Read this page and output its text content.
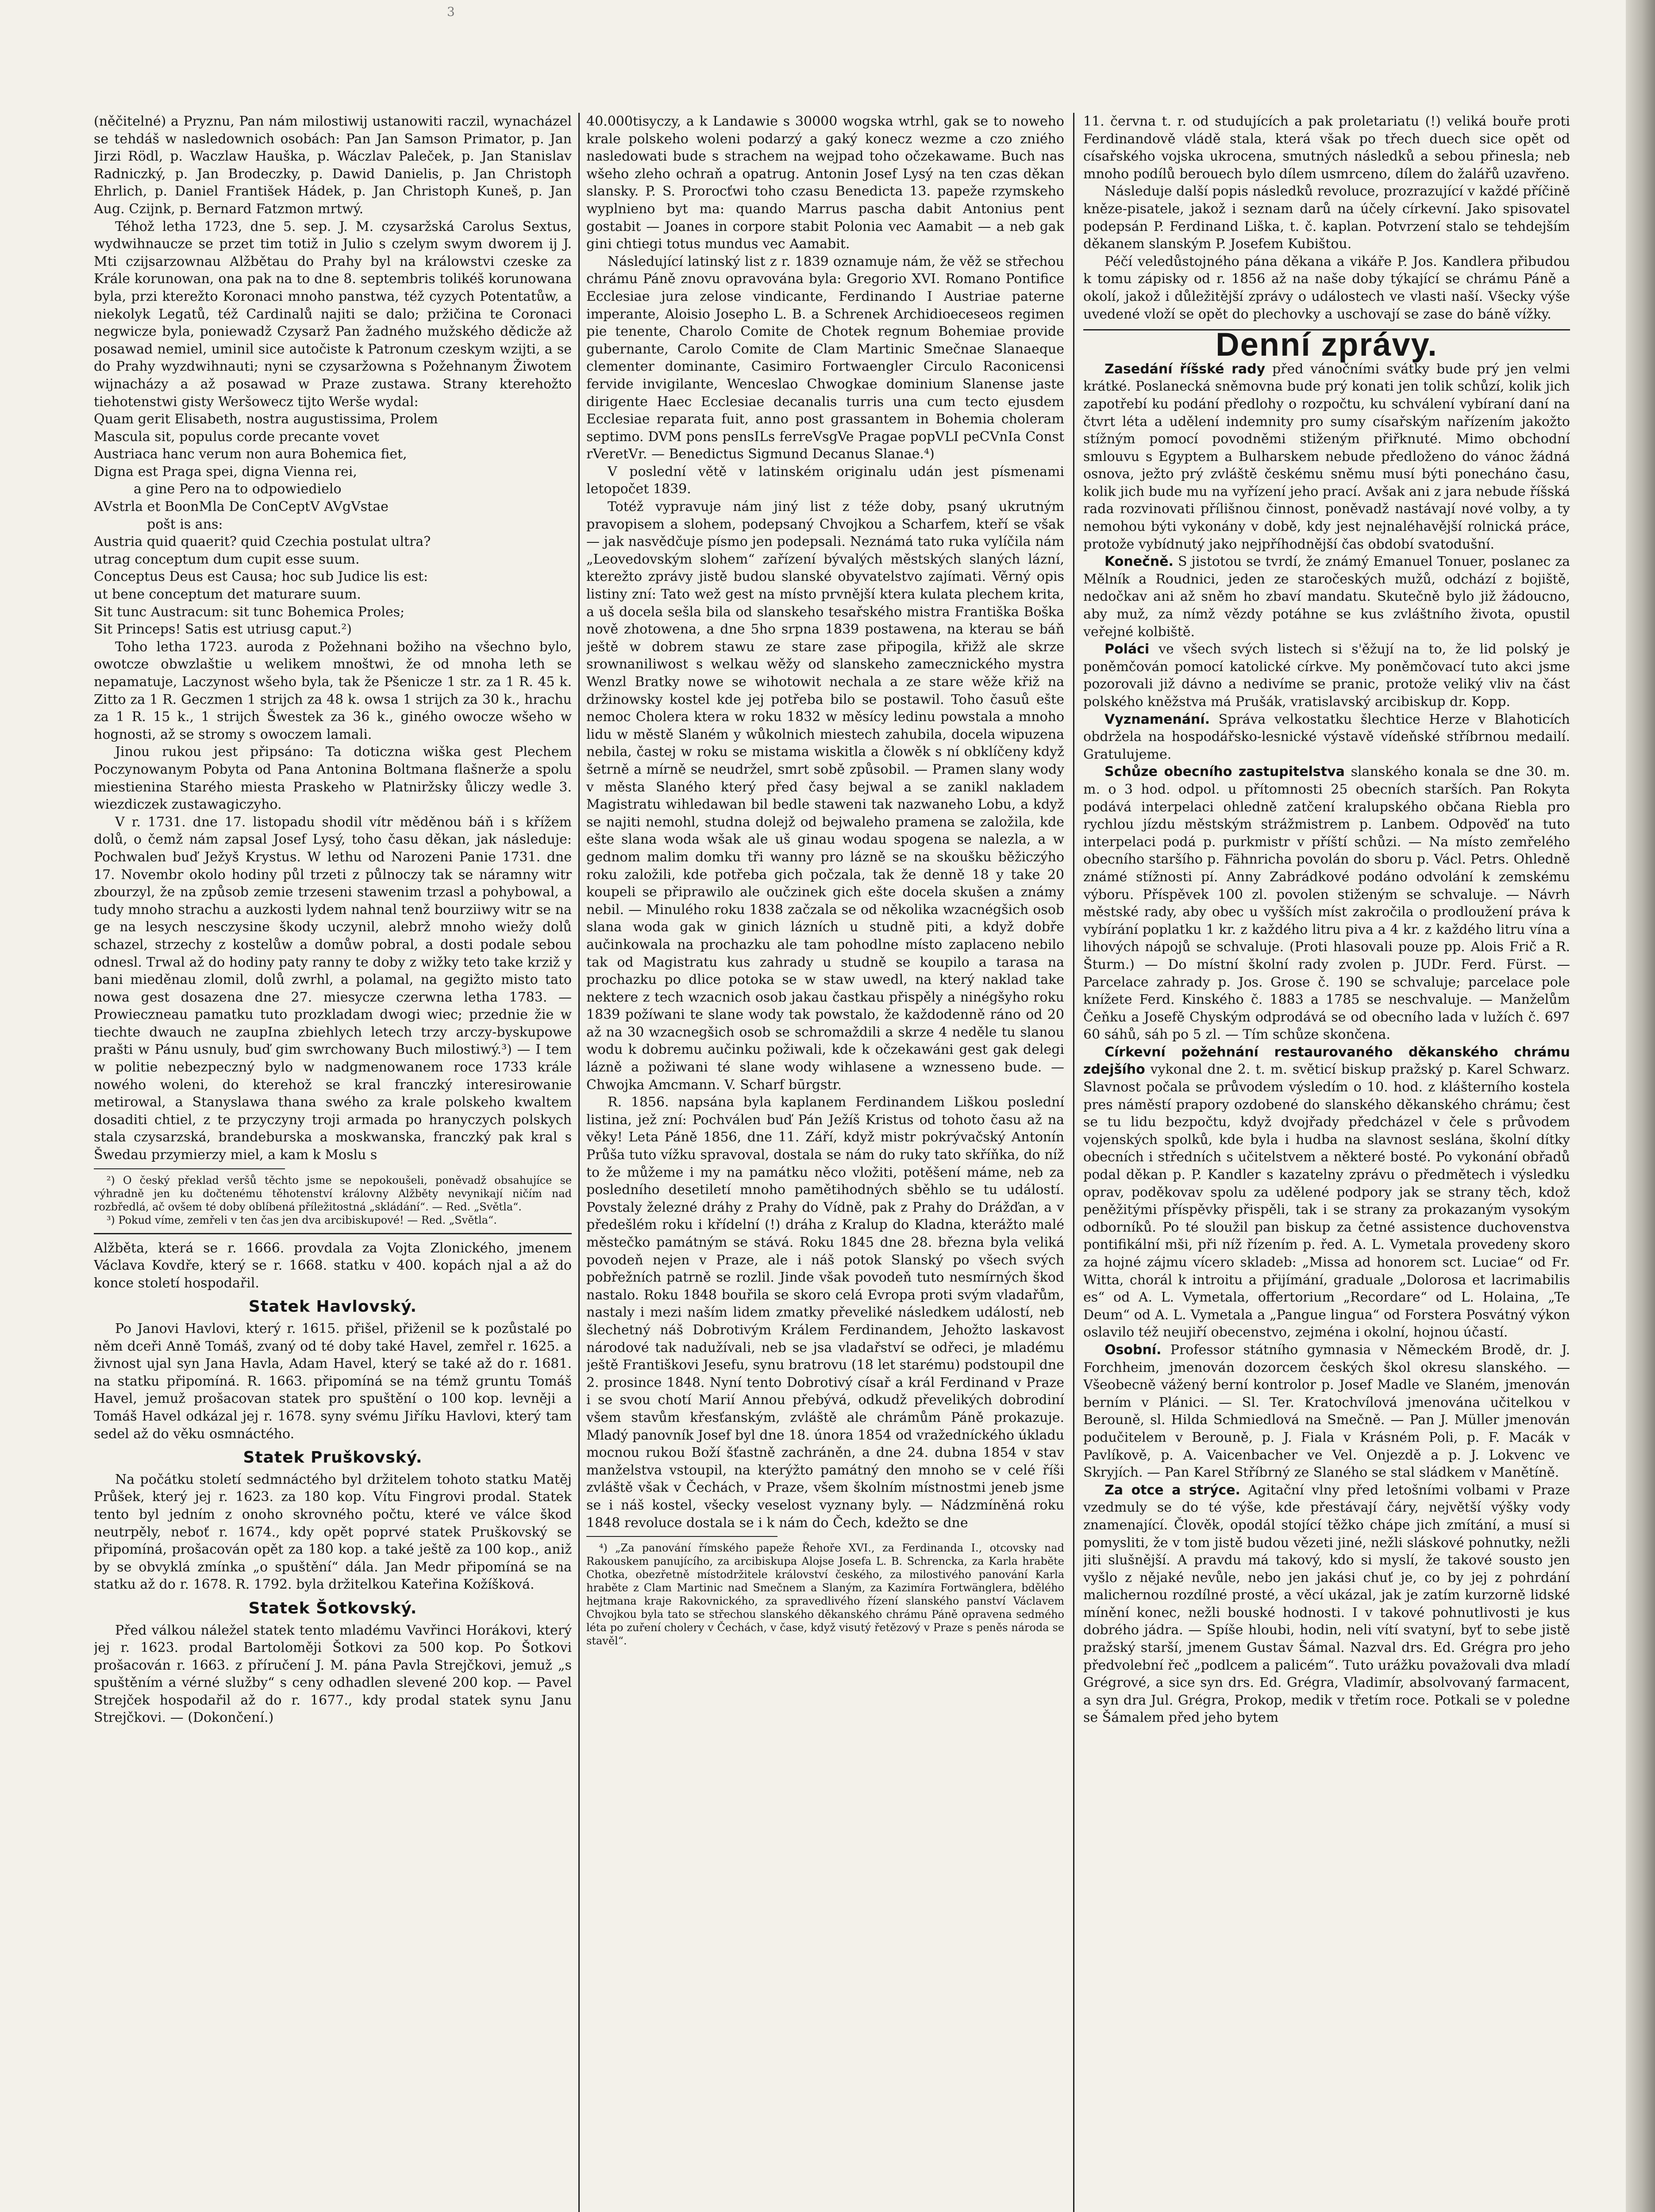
3

(něčitelné) a Pryznu, Pan nám milostiwij ustanowiti raczil, wynacházel se tehdáš w nasledownich osobách: Pan Jan Samson Primator, p. Jan Jirzi Rödl, p. Waczlaw Hauška, p. Wáczlav Paleček, p. Jan Stanislav Radniczký, p. Jan Brodeczky, p. Dawid Danielis, p. Jan Christoph Ehrlich, p. Daniel František Hádek, p. Jan Christoph Kuneš, p. Jan Aug. Czijnk, p. Bernard Fatzmon mrtwý.

Téhož letha 1723, dne 5. sep. J. M. czysaržská Carolus Sextus, wydwihnaucze se przet tim totiž in Julio s czelym swym dworem ij J. Mti czijsarzownau Alžbětau do Prahy byl na králowstvi czeske za Krále korunowan, ona pak na to dne 8. septembris tolikéš korunowana byla, przi kterežto Koronaci mnoho panstwa, též cyzych Potentatůw, a niekolyk Legatů, též Cardinalů najiti se dalo; pržičina te Coronaci negwicze byla, poniewadž Czysarž Pan žadného mužského dědicže až posawad nemiel, uminil sice autočiste k Patronum czeskym wzijti, a se do Prahy wyzdwihnauti; nyni se czysaržowna s Požehnanym Žiwotem wijnacházy a až posawad w Praze zustawa. Strany kterehožto tiehotenstwi gisty Weršowecz tijto Werše wydal:

Quam gerit Elisabeth, nostra augustissima, Prolem
Mascula sit, populus corde precante vovet
Austriaca hanc verum non aura Bohemica fiet,
Digna est Praga spei, digna Vienna rei,
a gine Pero na to odpowiedielo
AVstrla et BoonMla De ConCeptV AVgVstae
pošt is ans:
Austria quid quaerit? quid Czechia postulat ultra?
utrag conceptum dum cupit esse suum.
Conceptus Deus est Causa; hoc sub Judice lis est:
ut bene conceptum det maturare suum.
Sit tunc Austracum: sit tunc Bohemica Proles;
Sit Princeps! Satis est utriusg caput.²)

Toho letha 1723. auroda z Požehnani božiho na všechno bylo, owotcze obwzlaštie u welikem mnoštwi, že od mnoha leth se nepamatuje, Laczynost wšeho byla, tak že Pšenicze 1 str. za 1 R. 45 k. Zitto za 1 R. Geczmen 1 strijch za 48 k. owsa 1 strijch za 30 k., hrachu za 1 R. 15 k., 1 strijch Šwestek za 36 k., giného owocze wšeho w hognosti, až se stromy s owoczem lamali.

Jinou rukou jest připsáno: Ta doticzna wiška gest Plechem Poczynowanym Pobyta od Pana Antonina Boltmana flašnerže a spolu miestienina Starého miesta Praskeho w Platniržsky ůliczy wedle 3. wiezdiczek zustawagiczyho.

V r. 1731. dne 17. listopadu shodil vítr měděnou báň i s křížem dolů, o čemž nám zapsal Josef Lysý, toho času děkan, jak následuje: Pochwalen buď Ježyš Krystus. W lethu od Narozeni Panie 1731. dne 17. Novembr okolo hodiny půl trzeti z půlnoczy tak se náramny witr zbourzyl, že na způsob zemie trzeseni stawenim trzasl a pohybowal, a tudy mnoho strachu a auzkosti lydem nahnal tenž bourziiwy witr se na ge na lesych nesczysine škody uczynil, alebrž mnoho wiežy dolů schazel, strzechy z kostelůw a domůw pobral, a dosti podale sebou odnesl. Trwal až do hodiny paty ranny te doby z wižky teto take krziž y bani mieděnau zlomil, dolů zwrhl, a polamal, na gegižto misto tato nowa gest dosazena dne 27. miesycze czerwna letha 1783. — Prowieczneau pamatku tuto prozkladam dwogi wiec; przednie žie w tiechte dwauch ne zaupIna zbiehlych letech trzy arczy-byskupowe prašti w Pánu usnuly, buď gim swrchowany Buch milostiwý.³) — I tem w politie nebezpeczný bylo w nadgmenowanem roce 1733 krále nowého woleni, do kterehož se kral franczký interesirowanie metirowal, a Stanyslawa thana swého za krale polskeho kwaltem dosaditi chtiel, z te przyczyny troji armada po hranyczych polskych stala czysarzská, brandeburska a moskwanska, franczký pak kral s Šwedau przymierzy miel, a kam k Moslu s

²) O český překlad veršů těchto jsme se nepokoušeli, poněvadž obsahujíce se výhradně jen ku dočtenému těhotenství královny Alžběty nevynikají ničím nad rozbředlá, ač ovšem té doby oblíbená příležitostná „skládání“. — Red. „Světla“.

³) Pokud víme, zemřeli v ten čas jen dva arcibiskupové! — Red. „Světla“.

Alžběta, která se r. 1666. provdala za Vojta Zlonického, jmenem Václava Kovdře, který se r. 1668. statku v 400. kopách njal a až do konce století hospodařil.

Statek Havlovský.

Po Janovi Havlovi, který r. 1615. přišel, přiženil se k pozůstalé po něm dceři Anně Tomáš, zvaný od té doby také Havel, zemřel r. 1625. a živnost ujal syn Jana Havla, Adam Havel, který se také až do r. 1681. na statku připomíná. R. 1663. připomíná se na témž gruntu Tomáš Havel, jemuž prošacovan statek pro spuštění o 100 kop. levněji a Tomáš Havel odkázal jej r. 1678. syny svému Jiříku Havlovi, který tam sedel až do věku osmnáctého.

Statek Pruškovský.

Na počátku století sedmnáctého byl držitelem tohoto statku Matěj Průšek, který jej r. 1623. za 180 kop. Vítu Fingrovi prodal. Statek tento byl jedním z onoho skrovného počtu, které ve válce škod neutrpěly, neboť r. 1674., kdy opět poprvé statek Pruškovský se připomíná, prošacován opět za 180 kop. a také ještě za 100 kop., aniž by se obvyklá zmínka „o spuštění“ dála. Jan Medr připomíná se na statku až do r. 1678. R. 1792. byla držitelkou Kateřina Kožíšková.

Statek Šotkovský.

Před válkou náležel statek tento mladému Vavřinci Horákovi, který jej r. 1623. prodal Bartoloměji Šotkovi za 500 kop. Po Šotkovi prošacován r. 1663. z příručení J. M. pána Pavla Strejčkovi, jemuž „s spuštěním a vérné služby“ s ceny odhadlen slevené 200 kop. — Pavel Strejček hospodařil až do r. 1677., kdy prodal statek synu Janu Strejčkovi. — (Dokončení.)

40.000tisyczy, a k Landawie s 30000 wogska wtrhl, gak se to noweho krale polskeho woleni podarzý a gaký konecz wezme a czo zniého nasledowati bude s strachem na wejpad toho očzekawame. Buch nas wšeho zleho ochraň a opatrug. Antonin Josef Lysý na ten czas děkan slansky. P. S. Prorocťwi toho czasu Benedicta 13. papeže rzymskeho wyplnieno byt ma: quando Marrus pascha dabit Antonius pent gostabit — Joanes in corpore stabit Polonia vec Aamabit — a neb gak gini chtiegi totus mundus vec Aamabit.

Následující latinský list z r. 1839 oznamuje nám, že věž se střechou chrámu Páně znovu opravována byla: Gregorio XVI. Romano Pontifice Ecclesiae jura zelose vindicante, Ferdinando I Austriae paterne imperante, Aloisio Josepho L. B. a Schrenek Archidioeceseos regimen pie tenente, Charolo Comite de Chotek regnum Bohemiae provide gubernante, Carolo Comite de Clam Martinic Smečnae Slanaeque clementer dominante, Casimiro Fortwaengler Circulo Raconicensi fervide invigilante, Wenceslao Chwogkae dominium Slanense jaste dirigente Haec Ecclesiae decanalis turris una cum tecto ejusdem Ecclesiae reparata fuit, anno post grassantem in Bohemia choleram septimo. DVM pons pensILs ferreVsgVe Pragae popVLI peCVnIa Const rVeretVr. — Benedictus Sigmund Decanus Slanae.⁴)

V poslední větě v latinském originalu udán jest písmenami letopočet 1839.

Totéž vypravuje nám jiný list z téže doby, psaný ukrutným pravopisem a slohem, podepsaný Chvojkou a Scharfem, kteří se však — jak nasvědčuje písmo jen podepsali. Neznámá tato ruka vylíčila nám „Leovedovským slohem“ zařízení bývalých městských slaných lázní, kterežto zprávy jistě budou slanské obyvatelstvo zajímati. Věrný opis listiny zní: Tato wež gest na místo prvnější ktera kulata plechem krita, a uš docela sešla bila od slanskeho tesařského mistra Františka Boška nově zhotowena, a dne 5ho srpna 1839 postawena, na kterau se báň ještě w dobrem stawu ze stare zase připogila, křižž ale skrze srownaniliwost s welkau wěžy od slanskeho zamecznického mystra Wenzl Bratky nowe se wihotowit nechala a ze stare wěže křiž na držinowsky kostel kde jej potřeba bilo se postawil. Toho časuů ešte nemoc Cholera ktera w roku 1832 w měsícy ledinu powstala a mnoho lidu w městě Slaném y wůkolnich miestech zahubila, docela wipuzena nebila, častej w roku se mistama wiskitla a člowěk s ní obklíčeny když šetrně a mírně se neudržel, smrt sobě způsobil. — Pramen slany wody v města Slaného který před časy bejwal a se zanikl nakladem Magistratu wihledawan bil bedle staweni tak nazwaneho Lobu, a když se najiti nemohl, studna dolejž od bejwaleho pramena se založila, kde ešte slana woda wšak ale uš ginau wodau spogena se nalezla, a w gednom malim domku tři wanny pro lázně se na skoušku běžiczýho roku založili, kde potřeba gich počzala, tak že denně 18 y take 20 koupeli se připrawilo ale oučzinek gich ešte docela skušen a známy nebil. — Minulého roku 1838 začzala se od několika wzacnégšich osob slana woda gak w ginich lázních u studně piti, a když dobře aučinkowala na prochazku ale tam pohodlne místo zaplaceno nebilo tak od Magistratu kus zahrady u studně se koupilo a tarasa na prochazku po dlice potoka se w staw uwedl, na který naklad take nektere z tech wzacnich osob jakau častkau přispěly a ninégšyho roku 1839 požíwani te slane wody tak powstalo, že každodenně ráno od 20 až na 30 wzacnegšich osob se schromaždili a skrze 4 neděle tu slanou wodu k dobremu aučinku požiwali, kde k očzekawáni gest gak delegi lázně a požiwani té slane wody wihlasene a wznesseno bude. — Chwojka Amcmann. V. Scharf būrgstr.

R. 1856. napsána byla kaplanem Ferdinandem Liškou poslední listina, jež zní: Pochválen buď Pán Ježíš Kristus od tohoto času až na věky! Leta Páně 1856, dne 11. Září, když mistr pokrývačský Antonín Průša tuto vížku spravoval, dostala se nám do ruky tato skříňka, do níž to že můžeme i my na památku něco vložiti, potěšení máme, neb za posledního desetiletí mnoho pamětihodných sběhlo se tu událostí. Povstaly železné dráhy z Prahy do Vídně, pak z Prahy do Drážďan, a v předešlém roku i křídelní (!) dráha z Kralup do Kladna, kterážto malé městečko památným se stává. Roku 1845 dne 28. března byla veliká povodeň nejen v Praze, ale i náš potok Slanský po všech svých pobřežních patrně se rozlil. Jinde však povodeň tuto nesmírných škod nastalo. Roku 1848 bouřila se skoro celá Evropa proti svým vladařům, nastaly i mezi naším lidem zmatky převeliké následkem událostí, neb šlechetný náš Dobrotivým Králem Ferdinandem, Jehožto laskavost národové tak nadužívali, neb se jsa vladařství se odřeci, je mladému ještě Františkovi Jesefu, synu bratrovu (18 let starému) podstoupil dne 2. prosince 1848. Nyní tento Dobrotivý císař a král Ferdinand v Praze i se svou chotí Marií Annou přebývá, odkudž převelikých dobrodiní všem stavům křesťanským, zvláště ale chrámům Páně prokazuje. Mladý panovník Josef byl dne 18. února 1854 od vražedníckého úkladu mocnou rukou Boží šťastně zachráněn, a dne 24. dubna 1854 v stav manželstva vstoupil, na kterýžto památný den mnoho se v celé říši zvláště však v Čechách, v Praze, všem školním místnostmi jeneb jsme se i náš kostel, všecky veselost vyznany byly. — Nádzmíněná roku 1848 revoluce dostala se i k nám do Čech, kdežto se dne

⁴) „Za panování římského papeže Řehoře XVI., za Ferdinanda I., otcovsky nad Rakouskem panujícího, za arcibiskupa Alojse Josefa L. B. Schrencka, za Karla hraběte Chotka, obezřetně místodržitele království českého, za milostivého panování Karla hraběte z Clam Martinic nad Smečnem a Slaným, za Kazimíra Fortwänglera, bdělého hejtmana kraje Rakovnického, za spravedlivého řízení slanského panství Václavem Chvojkou byla tato se střechou slanského děkanského chrámu Páně opravena sedmého léta po zuření cholery v Čechách, v čase, když visutý řetězový v Praze s peněs národa se stavěl“.

11. června t. r. od studujících a pak proletariatu (!) veliká bouře proti Ferdinandově vládě stala, která však po třech duech sice opět od císařského vojska ukrocena, smutných následků a sebou přinesla; neb mnoho podílů berouech bylo dílem usmrceno, dílem do žalářů uzavřeno.

Následuje další popis následků revoluce, prozrazující v každé příčině kněze-pisatele, jakož i seznam darů na účely církevní. Jako spisovatel podepsán P. Ferdinand Liška, t. č. kaplan. Potvrzení stalo se tehdejším děkanem slanským P. Josefem Kubištou.

Péčí veledůstojného pána děkana a vikáře P. Jos. Kandlera přibudou k tomu zápisky od r. 1856 až na naše doby týkající se chrámu Páně a okolí, jakož i důležitější zprávy o událostech ve vlasti naší. Všecky výše uvedené vloží se opět do plechovky a uschovají se zase do báně vížky.

Denní zprávy.

Zasedání říšské rady před vánočními svátky bude prý jen velmi krátké. Poslanecká sněmovna bude prý konati jen tolik schůzí, kolik jich zapotřebí ku podání předlohy o rozpočtu, ku schválení vybíraní daní na čtvrt léta a udělení indemnity pro sumy císařským nařízením jakožto stížným pomocí povodněmi stiženým přiřknuté. Mimo obchodní smlouvu s Egyptem a Bulharskem nebude předloženo do vánoc žádná osnova, ježto prý zvláště českému sněmu musí býti ponecháno času, kolik jich bude mu na vyřízení jeho prací. Avšak ani z jara nebude říšská rada rozvinovati přílišnou činnost, poněvadž nastávají nové volby, a ty nemohou býti vykonány v době, kdy jest nejnaléhavější rolnická práce, protože vybídnutý jako nejpříhodnější čas období svatodušní.

Konečně. S jistotou se tvrdí, že známý Emanuel Tonuer, poslanec za Mělník a Roudnici, jeden ze staročeských mužů, odchází z bojiště, nedočkav ani až sněm ho zbaví mandatu. Skutečně bylo již žádoucno, aby muž, za nímž vězdy potáhne se kus zvláštního života, opustil veřejné kolbiště.

Poláci ve všech svých listech si s'ěžují na to, že lid polský je poněmčován pomocí katolické církve. My poněmčovací tuto akci jsme pozorovali již dávno a nedivíme se pranic, protože veliký vliv na část polského kněžstva má Prušák, vratislavský arcibiskup dr. Kopp.

Vyznamenání. Správa velkostatku šlechtice Herze v Blahoticích obdržela na hospodářsko-lesnické výstavě vídeňské stříbrnou medailí. Gratulujeme.

Schůze obecního zastupitelstva slanského konala se dne 30. m. m. o 3 hod. odpol. u přítomnosti 25 obecních starších. Pan Rokyta podává interpelaci ohledně zatčení kralupského občana Riebla pro rychlou jízdu městským strážmistrem p. Lanbem. Odpověď na tuto interpelaci podá p. purkmistr v příští schůzi. — Na místo zemřelého obecního staršího p. Fähnricha povolán do sboru p. Václ. Petrs. Ohledně známé stížnosti pí. Anny Zabrádkové podáno odvolání k zemskému výboru. Příspěvek 100 zl. povolen stiženým se schvaluje. — Návrh městské rady, aby obec u vyšších míst zakročila o prodloužení práva k vybírání poplatku 1 kr. z každého litru piva a 4 kr. z každého litru vína a lihových nápojů se schvaluje. (Proti hlasovali pouze pp. Alois Frič a R. Šturm.) — Do místní školní rady zvolen p. JUDr. Ferd. Fürst. — Parcelace zahrady p. Jos. Grose č. 190 se schvaluje; parcelace pole knížete Ferd. Kinského č. 1883 a 1785 se neschvaluje. — Manželům Čeňku a Josefě Chyským odprodává se od obecního lada v lužích č. 697 60 sáhů, sáh po 5 zl. — Tím schůze skončena.

Církevní požehnání restaurovaného děkanského chrámu zdejšího vykonal dne 2. t. m. světicí biskup pražský p. Karel Schwarz. Slavnost počala se průvodem výsledím o 10. hod. z klášterního kostela pres náměstí prapory ozdobené do slanského děkanského chrámu; čest se tu lidu bezpočtu, když dvojřady předcházel v čele s průvodem vojenských spolků, kde byla i hudba na slavnost seslána, školní dítky obecních i středních s učitelstvem a některé bosté. Po vykonání obřadů podal děkan p. P. Kandler s kazatelny zprávu o předmětech i výsledku oprav, poděkovav spolu za udělené podpory jak se strany těch, kdož peněžitými příspěvky přispěli, tak i se strany za prokazaným vysokým odborníků. Po té sloužil pan biskup za četné assistence duchovenstva pontifikální mši, při níž řízením p. řed. A. L. Vymetala provedeny skoro za hojné zájmu vícero skladeb: „Missa ad honorem sct. Luciae“ od Fr. Witta, chorál k introitu a přijímání, graduale „Dolorosa et lacrimabilis es“ od A. L. Vymetala, offertorium „Recordare“ od L. Holaina, „Te Deum“ od A. L. Vymetala a „Pangue lingua“ od Forstera Posvátný výkon oslavilo též neujiří obecenstvo, zejména i okolní, hojnou účastí.

Osobní. Professor státního gymnasia v Německém Brodě, dr. J. Forchheim, jmenován dozorcem českých škol okresu slanského. — Všeobecně vážený berní kontrolor p. Josef Madle ve Slaném, jmenován berním v Plánici. — Sl. Ter. Kratochvílová jmenována učitelkou v Berouně, sl. Hilda Schmiedlová na Smečně. — Pan J. Müller jmenován podučitelem v Berouně, p. J. Fiala v Krásném Poli, p. F. Macák v Pavlíkově, p. A. Vaicenbacher ve Vel. Onjezdě a p. J. Lokvenc ve Skryjích. — Pan Karel Stříbrný ze Slaného se stal sládkem v Manětíně.

Za otce a strýce. Agitační vlny před letošními volbami v Praze vzedmuly se do té výše, kde přestávají čáry, největší výšky vody znamenající. Člověk, opodál stojící těžko chápe jich zmítání, a musí si pomysliti, že v tom jistě budou vězeti jiné, nežli sláskové pohnutky, nežli jiti slušnější. A pravdu má takový, kdo si myslí, že takové sousto jen vyšlo z nějaké nevůle, nebo jen jakási chuť je, co by jej z pohrdání malichernou rozdílné prosté, a věcí ukázal, jak je zatím kurzorně lidské mínění konec, nežli bouské hodnosti. I v takové pohnutlivosti je kus dobrého jádra. — Spíše hloubi, hodin, neli vítí svatyní, byť to sebe jistě pražský starší, jmenem Gustav Šámal. Nazval drs. Ed. Grégra pro jeho předvolební řeč „podlcem a palicém“. Tuto urážku považovali dva mladí Grégrové, a sice syn drs. Ed. Grégra, Vladimír, absolvovaný farmacent, a syn dra Jul. Grégra, Prokop, medik v třetím roce. Potkali se v poledne se Šámalem před jeho bytem
